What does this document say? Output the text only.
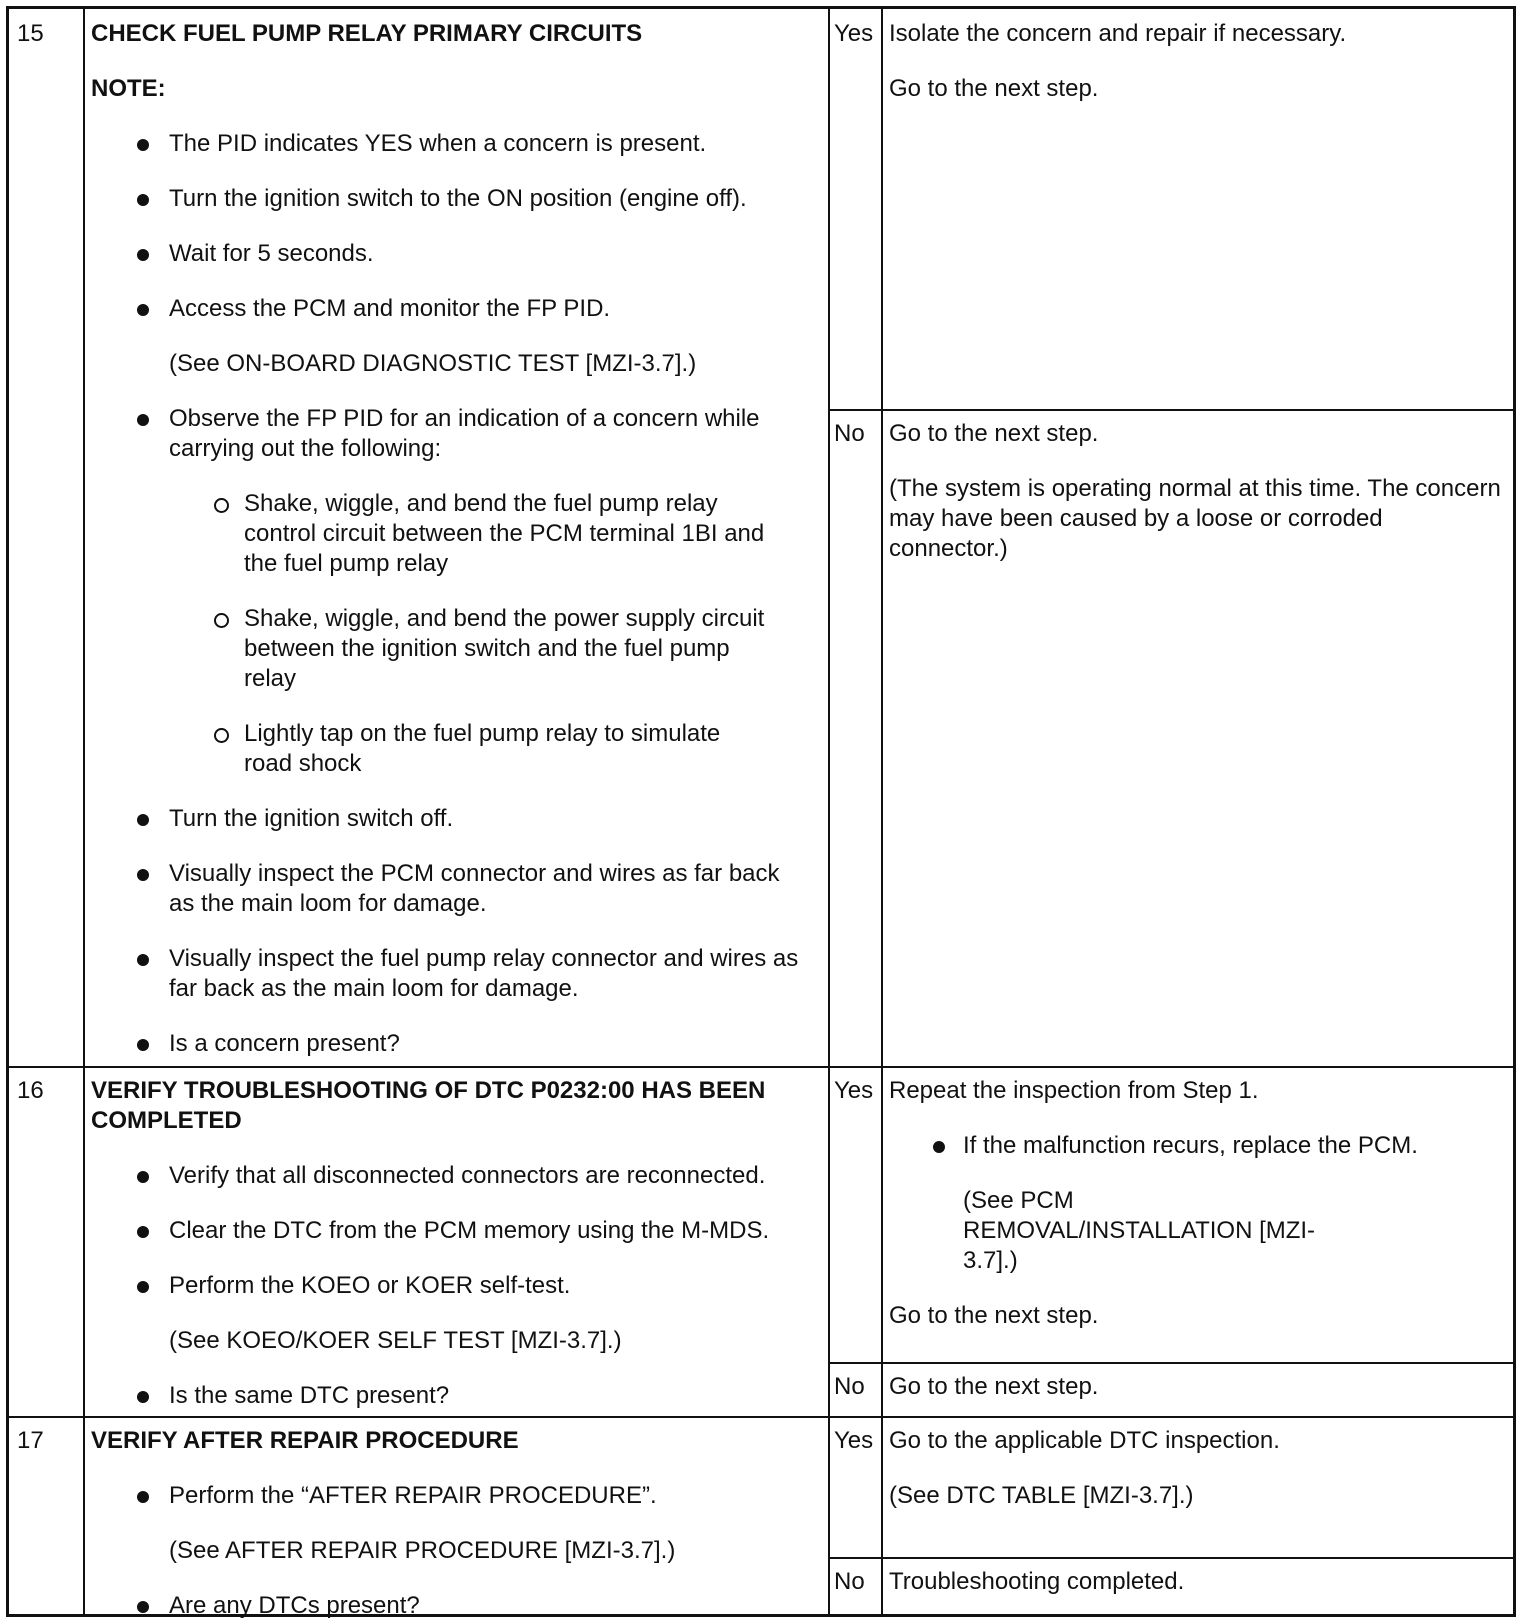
15 CHECK FUEL PUMP RELAY PRIMARY CIRCUITS
NOTE:
The PID indicates YES when a concern is present.
Turn the ignition switch to the ON position (engine off).
Wait for 5 seconds.
Access the PCM and monitor the FP PID.
(See ON-BOARD DIAGNOSTIC TEST [MZI-3.7].)
Observe the FP PID for an indication of a concern while carrying out the following:
Shake, wiggle, and bend the fuel pump relay control circuit between the PCM terminal 1BI and the fuel pump relay
Shake, wiggle, and bend the power supply circuit between the ignition switch and the fuel pump relay
Lightly tap on the fuel pump relay to simulate road shock
Turn the ignition switch off.
Visually inspect the PCM connector and wires as far back as the main loom for damage.
Visually inspect the fuel pump relay connector and wires as far back as the main loom for damage.
Is a concern present?
Yes Isolate the concern and repair if necessary.
Go to the next step.
No Go to the next step.
(The system is operating normal at this time. The concern may have been caused by a loose or corroded connector.)
16 VERIFY TROUBLESHOOTING OF DTC P0232:00 HAS BEEN COMPLETED
Verify that all disconnected connectors are reconnected.
Clear the DTC from the PCM memory using the M-MDS.
Perform the KOEO or KOER self-test.
(See KOEO/KOER SELF TEST [MZI-3.7].)
Is the same DTC present?
Yes Repeat the inspection from Step 1.
If the malfunction recurs, replace the PCM.
(See PCM REMOVAL/INSTALLATION [MZI-3.7].)
Go to the next step.
No Go to the next step.
17 VERIFY AFTER REPAIR PROCEDURE
Perform the “AFTER REPAIR PROCEDURE”.
(See AFTER REPAIR PROCEDURE [MZI-3.7].)
Are any DTCs present?
Yes Go to the applicable DTC inspection.
(See DTC TABLE [MZI-3.7].)
No Troubleshooting completed.
